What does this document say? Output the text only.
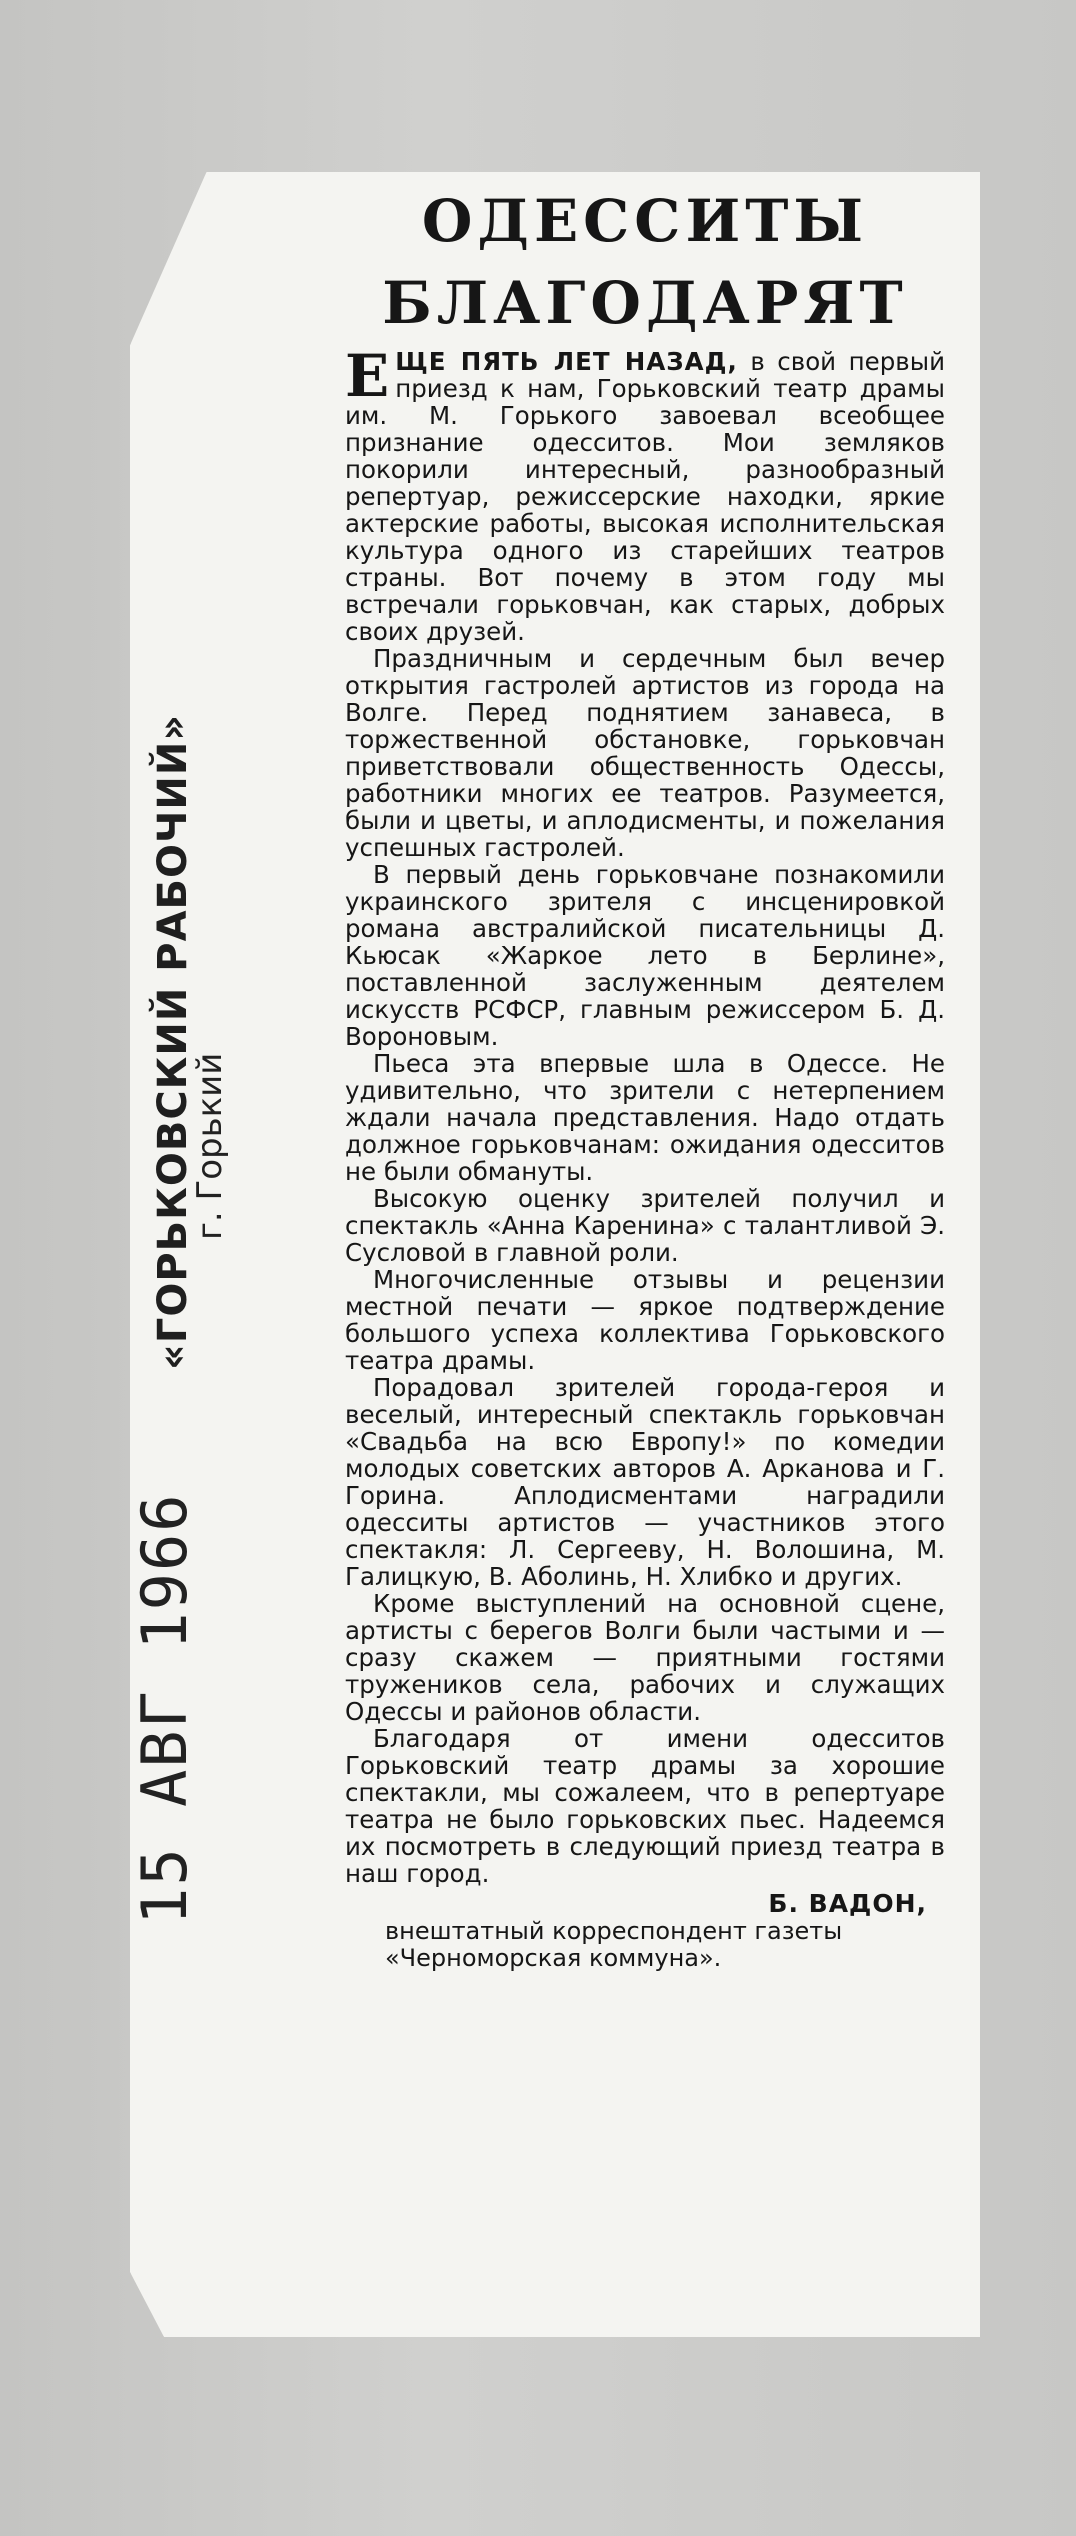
«ГОРЬКОВСКИЙ РАБОЧИЙ»
г. Горький
15 АВГ 1966
ОДЕССИТЫ
БЛАГОДАРЯТ

ЕЩЕ ПЯТЬ ЛЕТ НАЗАД, в свой первый приезд к нам, Горьковский театр драмы им. М. Горького завоевал всеобщее признание одесситов. Мои земляков покорили интересный, разнообразный репертуар, режиссерские находки, яркие актерские работы, высокая исполнительская культура одного из старейших театров страны. Вот почему в этом году мы встречали горьковчан, как старых, добрых своих друзей.

Праздничным и сердечным был вечер открытия гастролей артистов из города на Волге. Перед поднятием занавеса, в торжественной обстановке, горьковчан приветствовали общественность Одессы, работники многих ее театров. Разумеется, были и цветы, и аплодисменты, и пожелания успешных гастролей.

В первый день горьковчане познакомили украинского зрителя с инсценировкой романа австралийской писательницы Д. Кьюсак «Жаркое лето в Берлине», поставленной заслуженным деятелем искусств РСФСР, главным режиссером Б. Д. Вороновым.

Пьеса эта впервые шла в Одессе. Не удивительно, что зрители с нетерпением ждали начала представления. Надо отдать должное горьковчанам: ожидания одесситов не были обмануты.

Высокую оценку зрителей получил и спектакль «Анна Каренина» с талантливой Э. Сусловой в главной роли.

Многочисленные отзывы и рецензии местной печати — яркое подтверждение большого успеха коллектива Горьковского театра драмы.

Порадовал зрителей города-героя и веселый, интересный спектакль горьковчан «Свадьба на всю Европу!» по комедии молодых советских авторов А. Арканова и Г. Горина. Аплодисментами наградили одесситы артистов — участников этого спектакля: Л. Сергееву, Н. Волошина, М. Галицкую, В. Аболинь, Н. Хлибко и других.

Кроме выступлений на основной сцене, артисты с берегов Волги были частыми и — сразу скажем — приятными гостями тружеников села, рабочих и служащих Одессы и районов области.

Благодаря от имени одесситов Горьковский театр драмы за хорошие спектакли, мы сожалеем, что в репертуаре театра не было горьковских пьес. Надеемся их посмотреть в следующий приезд театра в наш город.

Б. ВАДОН,
внештатный корреспондент газеты «Черноморская коммуна».
